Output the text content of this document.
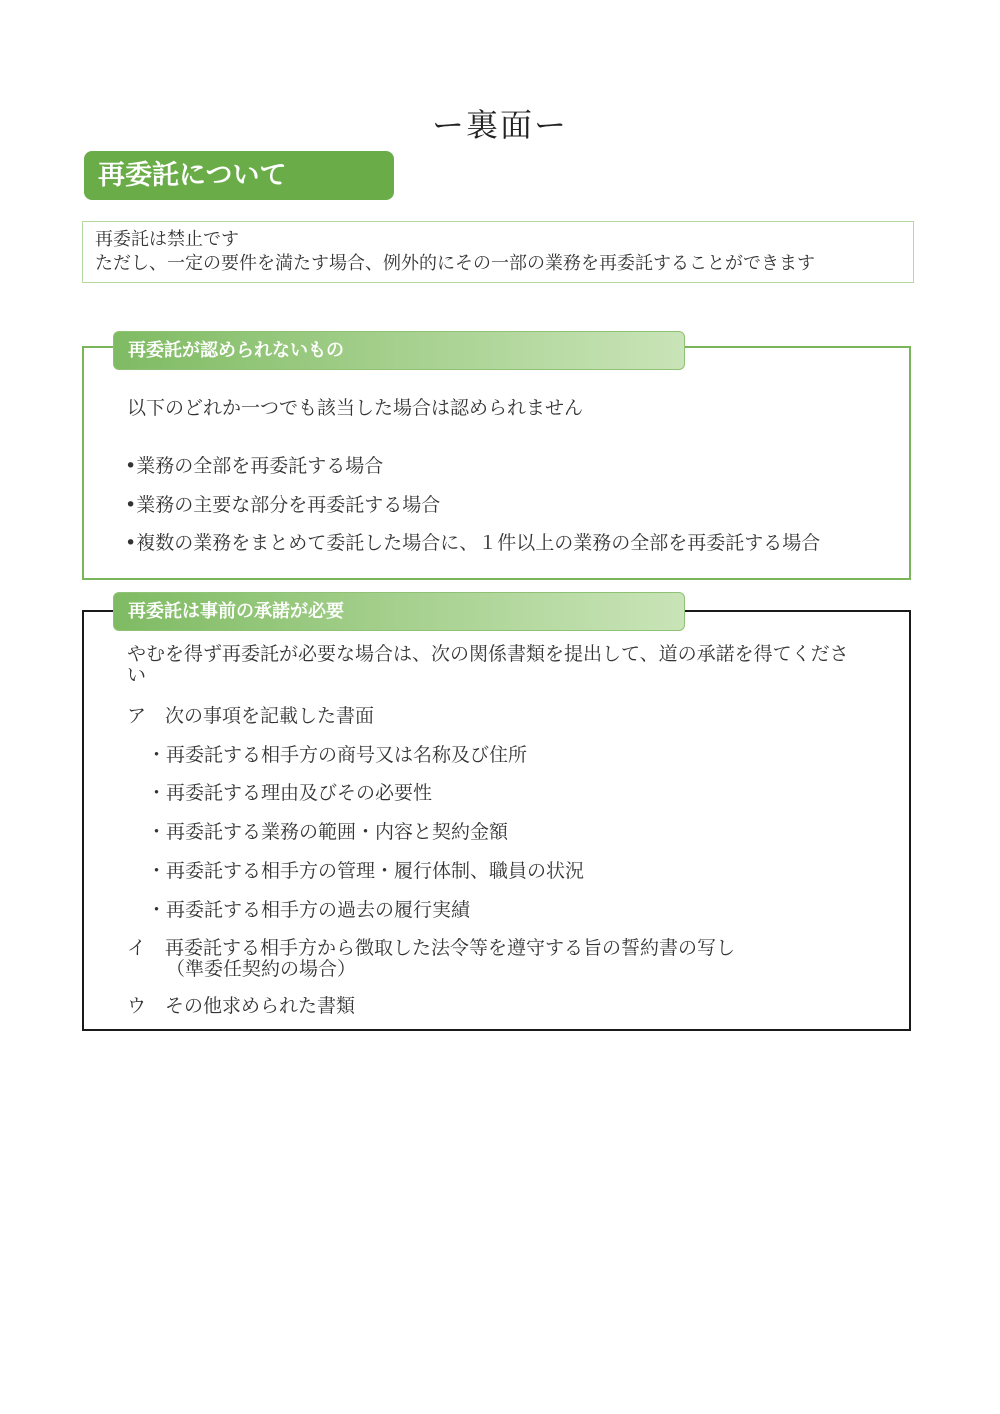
ー裏面ー
再委託について
再委託は禁止です
ただし、一定の要件を満たす場合、例外的にその一部の業務を再委託することができます
再委託が認められないもの
以下のどれか一つでも該当した場合は認められません
•業務の全部を再委託する場合
•業務の主要な部分を再委託する場合
•複数の業務をまとめて委託した場合に、１件以上の業務の全部を再委託する場合
再委託は事前の承諾が必要
やむを得ず再委託が必要な場合は、次の関係書類を提出して、道の承諾を得てください
ア　次の事項を記載した書面
・再委託する相手方の商号又は名称及び住所
・再委託する理由及びその必要性
・再委託する業務の範囲・内容と契約金額
・再委託する相手方の管理・履行体制、職員の状況
・再委託する相手方の過去の履行実績
イ　再委託する相手方から徴取した法令等を遵守する旨の誓約書の写し
（準委任契約の場合）
ウ　その他求められた書類
